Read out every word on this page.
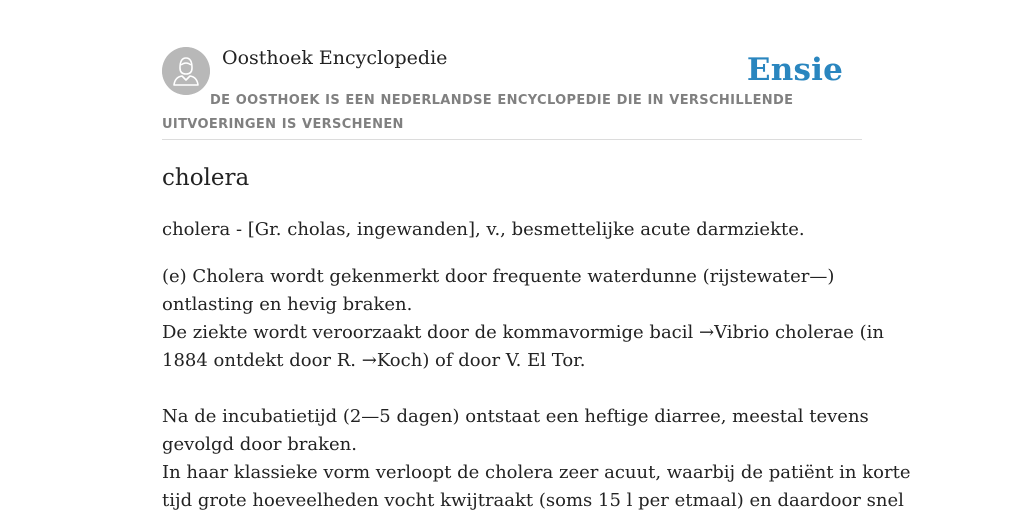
Oosthoek Encyclopedie	Ensie
DE OOSTHOEK IS EEN NEDERLANDSE ENCYCLOPEDIE DIE IN VERSCHILLENDE UITVOERINGEN IS VERSCHENEN
cholera

cholera - [Gr. cholas, ingewanden], v., besmettelijke acute darmziekte.

(e) Cholera wordt gekenmerkt door frequente waterdunne (rijstewater—)

ontlasting en hevig braken.

De ziekte wordt veroorzaakt door de kommavormige bacil →Vibrio cholerae (in

1884 ontdekt door R. →Koch) of door V. El Tor.

Na de incubatietijd (2—5 dagen) ontstaat een heftige diarree, meestal tevens

gevolgd door braken.

In haar klassieke vorm verloopt de cholera zeer acuut, waarbij de patiënt in korte

tijd grote hoeveelheden vocht kwijtraakt (soms 15 l per etmaal) en daardoor snel
